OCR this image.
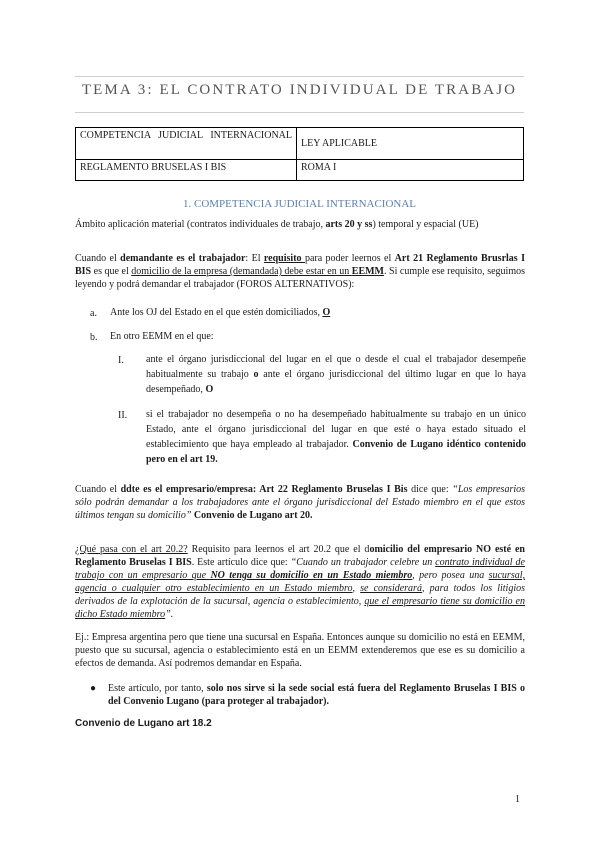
TEMA 3: EL CONTRATO INDIVIDUAL DE TRABAJO
COMPETENCIA JUDICIAL INTERNACIONAL	LEY APLICABLE
REGLAMENTO BRUSELAS I BIS	ROMA I
1. COMPETENCIA JUDICIAL INTERNACIONAL
Ámbito aplicación material (contratos individuales de trabajo, arts 20 y ss) temporal y espacial (UE)
Cuando el demandante es el trabajador: El requisito para poder leernos el Art 21 Reglamento Brusrlas I BIS es que el domicilio de la empresa (demandada) debe estar en un EEMM. Si cumple ese requisito, seguimos leyendo y podrá demandar el trabajador (FOROS ALTERNATIVOS):
a. Ante los OJ del Estado en el que estén domiciliados, O
b. En otro EEMM en el que:
I. ante el órgano jurisdiccional del lugar en el que o desde el cual el trabajador desempeñe habitualmente su trabajo o ante el órgano jurisdiccional del último lugar en que lo haya desempeñado, O
II. si el trabajador no desempeña o no ha desempeñado habitualmente su trabajo en un único Estado, ante el órgano jurisdiccional del lugar en que esté o haya estado situado el establecimiento que haya empleado al trabajador. Convenio de Lugano idéntico contenido pero en el art 19.
Cuando el ddte es el empresario/empresa: Art 22 Reglamento Bruselas I Bis dice que: “Los empresarios sólo podrán demandar a los trabajadores ante el órgano jurisdiccional del Estado miembro en el que estos últimos tengan su domicilio” Convenio de Lugano art 20.
¿Qué pasa con el art 20.2? Requisito para leernos el art 20.2 que el domicilio del empresario NO esté en Reglamento Bruselas I BIS. Este artículo dice que: “Cuando un trabajador celebre un contrato individual de trabajo con un empresario que NO tenga su domicilio en un Estado miembro, pero posea una sucursal, agencia o cualquier otro establecimiento en un Estado miembro, se considerará, para todos los litigios derivados de la explotación de la sucursal, agencia o establecimiento, que el empresario tiene su domicilio en dicho Estado miembro”.
Ej.: Empresa argentina pero que tiene una sucursal en España. Entonces aunque su domicilio no está en EEMM, puesto que su sucursal, agencia o establecimiento está en un EEMM extenderemos que ese es su domicilio a efectos de demanda. Así podremos demandar en España.
● Este artículo, por tanto, solo nos sirve si la sede social está fuera del Reglamento Bruselas I BIS o del Convenio Lugano (para proteger al trabajador).
Convenio de Lugano art 18.2
1
